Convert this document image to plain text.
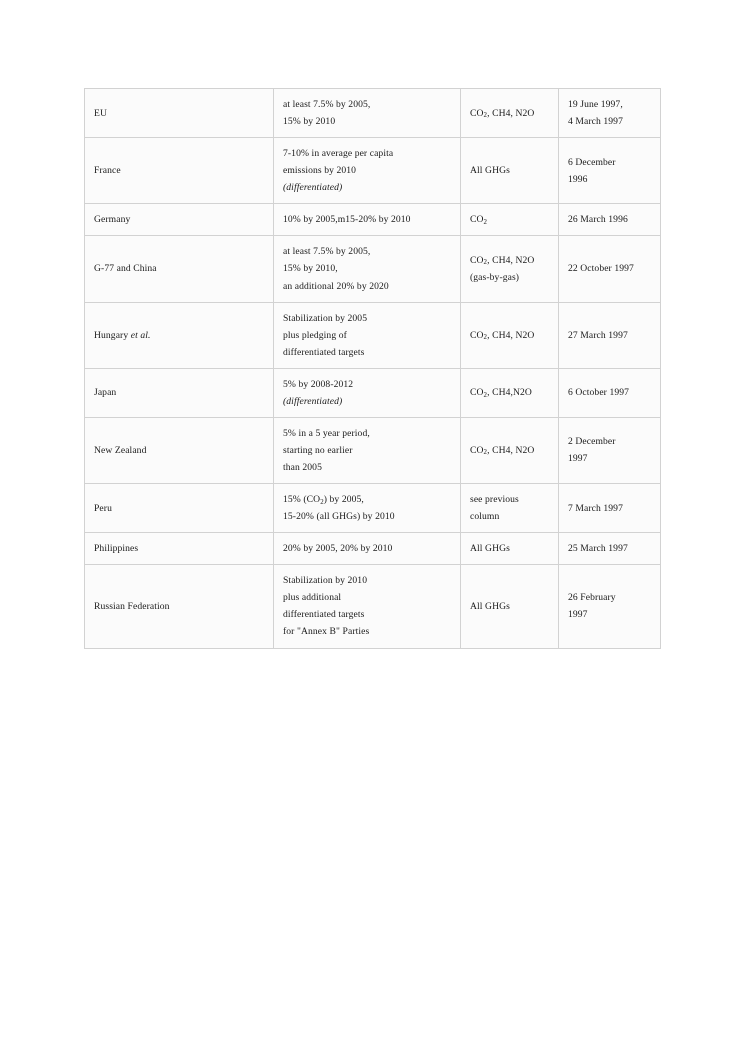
EU	at least 7.5% by 2005,
15% by 2010	$CO_2$, CH4, N2O	19 June 1997,
4 March 1997

France	7-10% in average per capita
emissions by 2010
(differentiated)	All GHGs	6 December
1996

Germany	10% by 2005,m15-20% by 2010	$CO_2$	26 March 1996

G-77 and China	at least 7.5% by 2005,
15% by 2010,
an additional 20% by 2020	$CO_2$, CH4, N2O
(gas-by-gas)	22 October 1997

Hungary et al.	Stabilization by 2005
plus pledging of
differentiated targets	$CO_2$, CH4, N2O	27 March 1997

Japan	5% by 2008-2012
(differentiated)	$CO_2$, CH4,N2O	6 October 1997

New Zealand	5% in a 5 year period,
starting no earlier
than 2005	$CO_2$, CH4, N2O	2 December
1997

Peru	15% $(CO_2)$ by 2005,
15-20% (all GHGs) by 2010	see previous
column	7 March 1997

Philippines	20% by 2005, 20% by 2010	All GHGs	25 March 1997

Russian Federation	Stabilization by 2010
plus additional
differentiated targets
for "Annex B" Parties	All GHGs	26 February
1997
